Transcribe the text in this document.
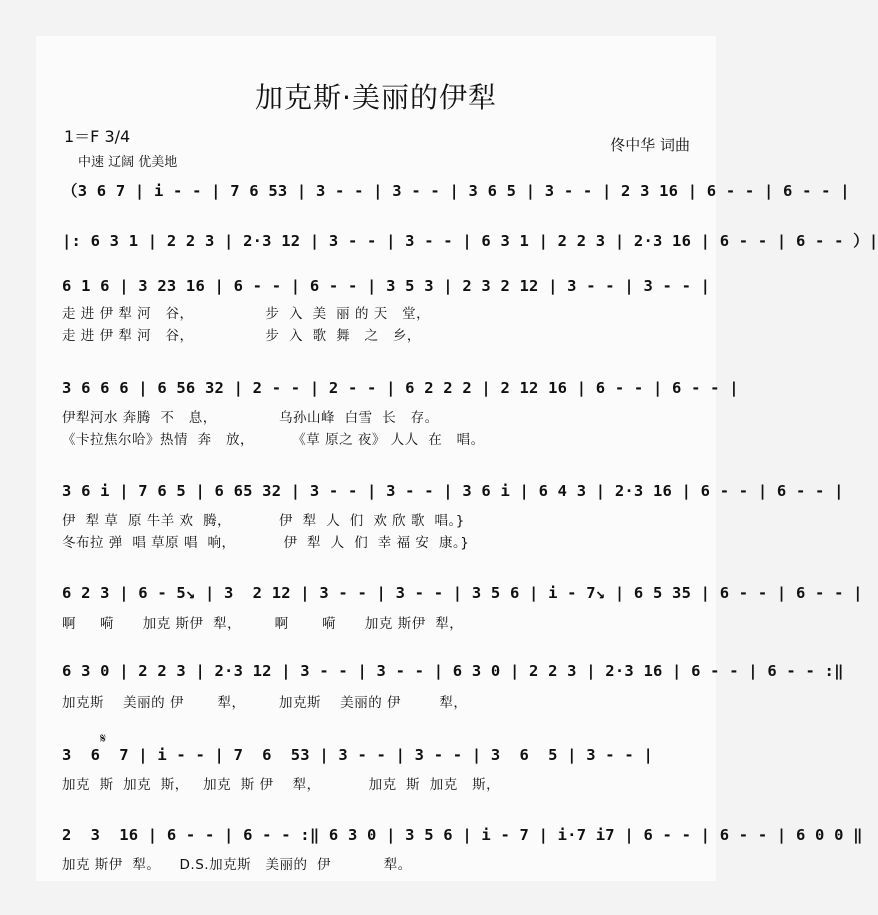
加克斯·美丽的伊犁
1＝F 3/4
中速 辽阔 优美地
佟中华 词曲
（3 6 7 | i - - | 7 6 53 | 3 - - | 3 - - | 3 6 5 | 3 - - | 2 3 16 | 6 - - | 6 - - |
|: 6 3 1 | 2 2 3 | 2·3 12 | 3 - - | 3 - - | 6 3 1 | 2 2 3 | 2·3 16 | 6 - - | 6 - - ）|
6 1 6 | 3 23 16 | 6 - - | 6 - - | 3 5 3 | 2 3 2 12 | 3 - - | 3 - - |
走 进 伊 犁 河   谷，               步  入  美  丽 的 天   堂，
走 进 伊 犁 河   谷，               步  入  歌  舞   之   乡，
3 6 6 6 | 6 56 32 | 2 - - | 2 - - | 6 2 2 2 | 2 12 16 | 6 - - | 6 - - |
伊犁河水 奔腾  不   息，             乌孙山峰  白雪  长   存。
《卡拉焦尔哈》热情  奔   放，        《草 原之 夜》 人人  在   唱。
3 6 i | 7 6 5 | 6 65 32 | 3 - - | 3 - - | 3 6 i | 6 4 3 | 2·3 16 | 6 - - | 6 - - |
伊  犁 草  原 牛羊 欢  腾，          伊  犁  人  们  欢 欣 歌  唱。}
冬布拉 弹  唱 草原 唱  响，          伊  犁  人  们  幸 福 安  康。}
6 2 3 | 6 - 5↘ | 3  2 12 | 3 - - | 3 - - | 3 5 6 | i - 7↘ | 6 5 35 | 6 - - | 6 - - |
啊     嗬      加克 斯伊  犁，       啊       嗬      加克 斯伊  犁，
6 3 0 | 2 2 3 | 2·3 12 | 3 - - | 3 - - | 6 3 0 | 2 2 3 | 2·3 16 | 6 - - | 6 - - :‖
加克斯    美丽的 伊       犁，       加克斯    美丽的 伊        犁，
𝄋
3  6  7 | i - - | 7  6  53 | 3 - - | 3 - - | 3  6  5 | 3 - - |
加克  斯  加克  斯，   加克  斯 伊    犁，          加克  斯  加克   斯，
2  3  16 | 6 - - | 6 - - :‖ 6 3 0 | 3 5 6 | i - 7 | i·7 i7 | 6 - - | 6 - - | 6 0 0 ‖
加克 斯伊  犁。    D.S.加克斯   美丽的  伊           犁。
